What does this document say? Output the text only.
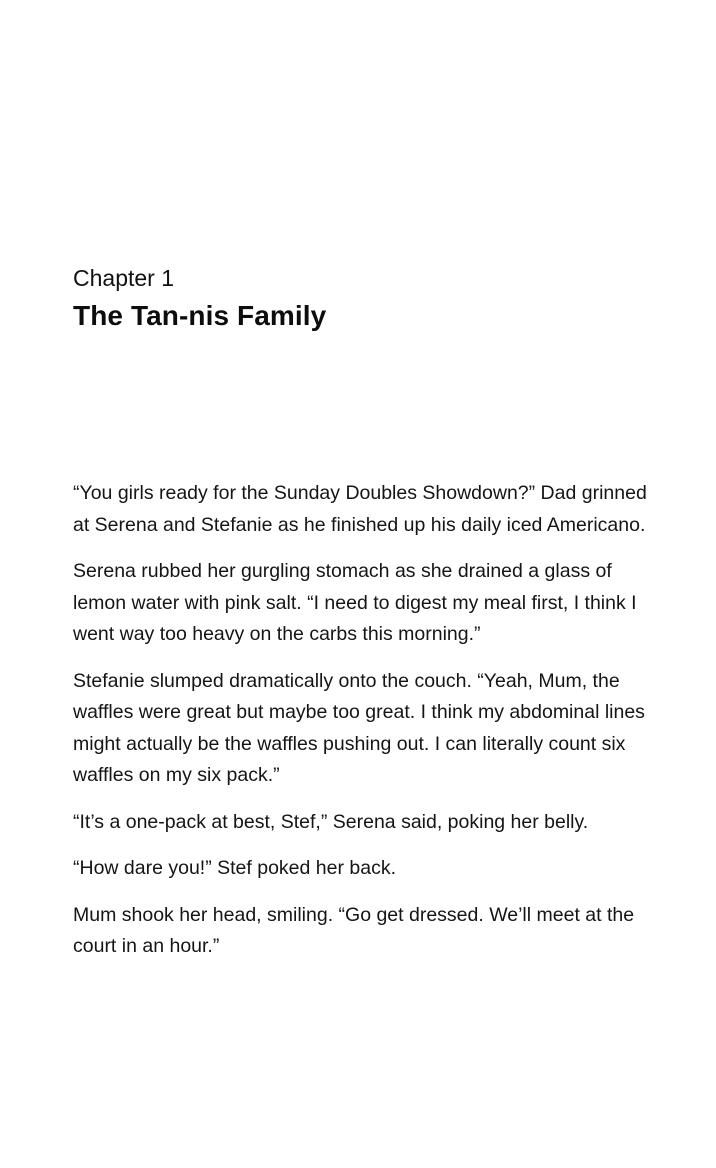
Chapter 1
The Tan-nis Family

“You girls ready for the Sunday Doubles Showdown?” Dad grinned at Serena and Stefanie as he finished up his daily iced Americano.

Serena rubbed her gurgling stomach as she drained a glass of lemon water with pink salt. “I need to digest my meal first, I think I went way too heavy on the carbs this morning.”

Stefanie slumped dramatically onto the couch. “Yeah, Mum, the waffles were great but maybe too great. I think my abdominal lines might actually be the waffles pushing out. I can literally count six waffles on my six pack.”

“It’s a one-pack at best, Stef,” Serena said, poking her belly.

“How dare you!” Stef poked her back.

Mum shook her head, smiling. “Go get dressed. We’ll meet at the court in an hour.”
